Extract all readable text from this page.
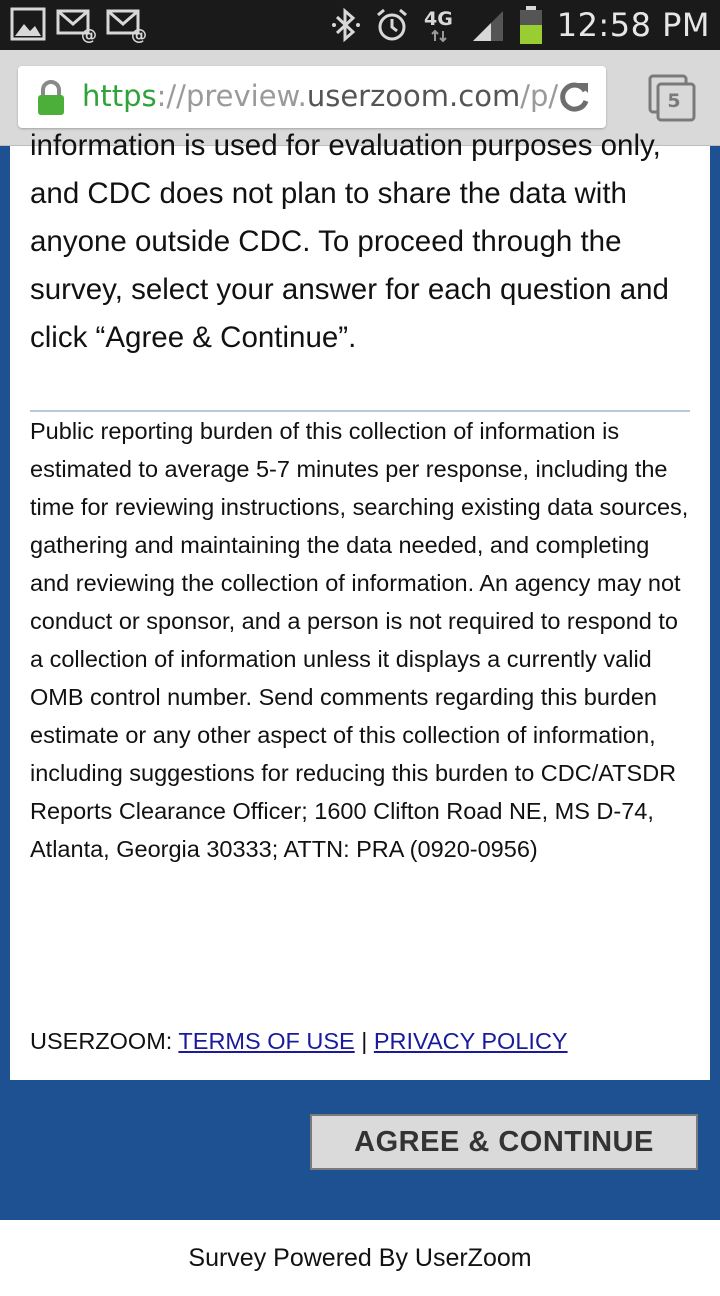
@ @
4G	12:58 PM
https://preview.userzoom.com/p/	5

information is used for evaluation purposes only, and CDC does not plan to share the data with anyone outside CDC. To proceed through the survey, select your answer for each question and click “Agree & Continue”.

Public reporting burden of this collection of information is estimated to average 5-7 minutes per response, including the time for reviewing instructions, searching existing data sources, gathering and maintaining the data needed, and completing and reviewing the collection of information. An agency may not conduct or sponsor, and a person is not required to respond to a collection of information unless it displays a currently valid OMB control number. Send comments regarding this burden estimate or any other aspect of this collection of information, including suggestions for reducing this burden to CDC/ATSDR Reports Clearance Officer; 1600 Clifton Road NE, MS D-74, Atlanta, Georgia 30333; ATTN: PRA (0920-0956)

USERZOOM: TERMS OF USE | PRIVACY POLICY
AGREE & CONTINUE
Survey Powered By UserZoom
